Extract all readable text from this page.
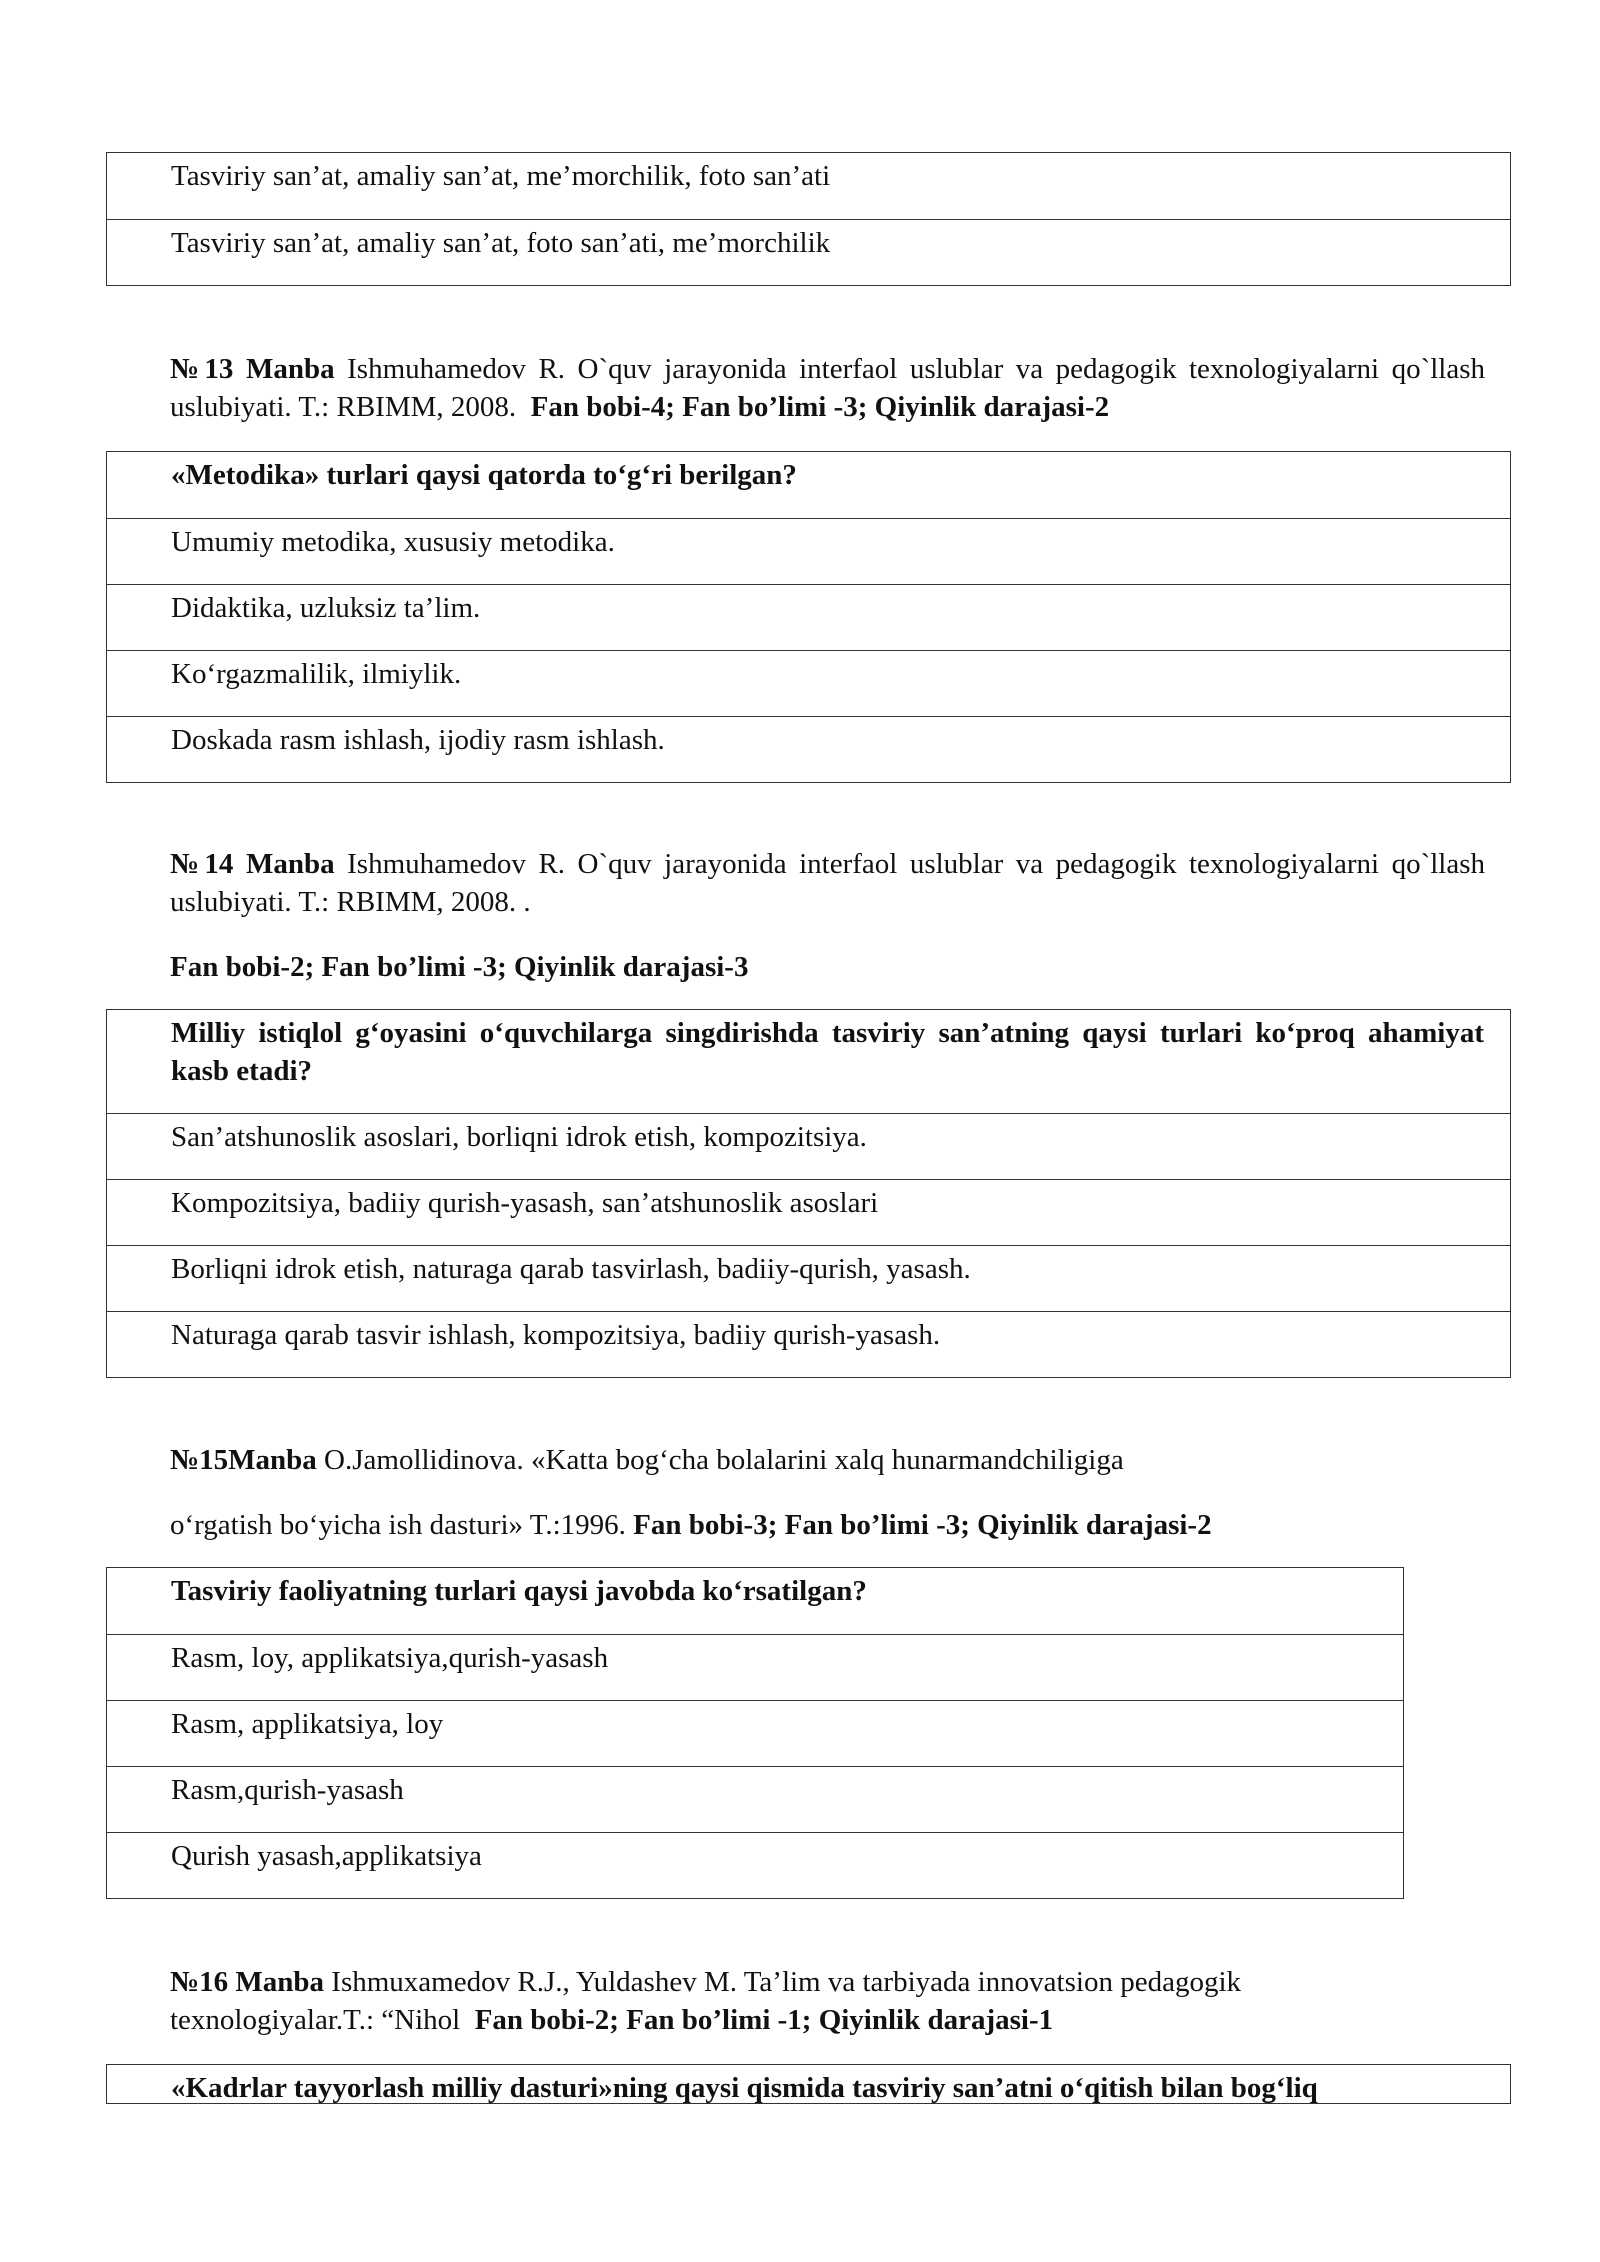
Tasviriy san’at, amaliy san’at, me’morchilik, foto san’ati
Tasviriy san’at, amaliy san’at, foto san’ati, me’morchilik
№13 Manba Ishmuhamedov R. O`quv jarayonida interfaol uslublar va pedagogik texnologiyalarni qo`llash uslubiyati. T.: RBIMM, 2008. Fan bobi-4; Fan bo’limi -3; Qiyinlik darajasi-2
«Metodika» turlari qaysi qatorda to‘g‘ri berilgan?
Umumiy metodika, xususiy metodika.
Didaktika, uzluksiz ta’lim.
Ko‘rgazmalilik, ilmiylik.
Doskada rasm ishlash, ijodiy rasm ishlash.
№14 Manba Ishmuhamedov R. O`quv jarayonida interfaol uslublar va pedagogik texnologiyalarni qo`llash uslubiyati. T.: RBIMM, 2008. .
Fan bobi-2; Fan bo’limi -3; Qiyinlik darajasi-3
Milliy istiqlol g‘oyasini o‘quvchilarga singdirishda tasviriy san’atning qaysi turlari ko‘proq ahamiyat kasb etadi?
San’atshunoslik asoslari, borliqni idrok etish, kompozitsiya.
Kompozitsiya, badiiy qurish-yasash, san’atshunoslik asoslari
Borliqni idrok etish, naturaga qarab tasvirlash, badiiy-qurish, yasash.
Naturaga qarab tasvir ishlash, kompozitsiya, badiiy qurish-yasash.
№15Manba O.Jamollidinova. «Katta bog‘cha bolalarini xalq hunarmandchiligiga
o‘rgatish bo‘yicha ish dasturi» T.:1996. Fan bobi-3; Fan bo’limi -3; Qiyinlik darajasi-2
Tasviriy faoliyatning turlari qaysi javobda ko‘rsatilgan?
Rasm, loy, applikatsiya,qurish-yasash
Rasm, applikatsiya, loy
Rasm,qurish-yasash
Qurish yasash,applikatsiya
№16 Manba Ishmuxamedov R.J., Yuldashev M. Ta’lim va tarbiyada innovatsion pedagogik texnologiyalar.T.: “Nihol Fan bobi-2; Fan bo’limi -1; Qiyinlik darajasi-1
«Kadrlar tayyorlash milliy dasturi»ning qaysi qismida tasviriy san’atni o‘qitish bilan bog‘liq
